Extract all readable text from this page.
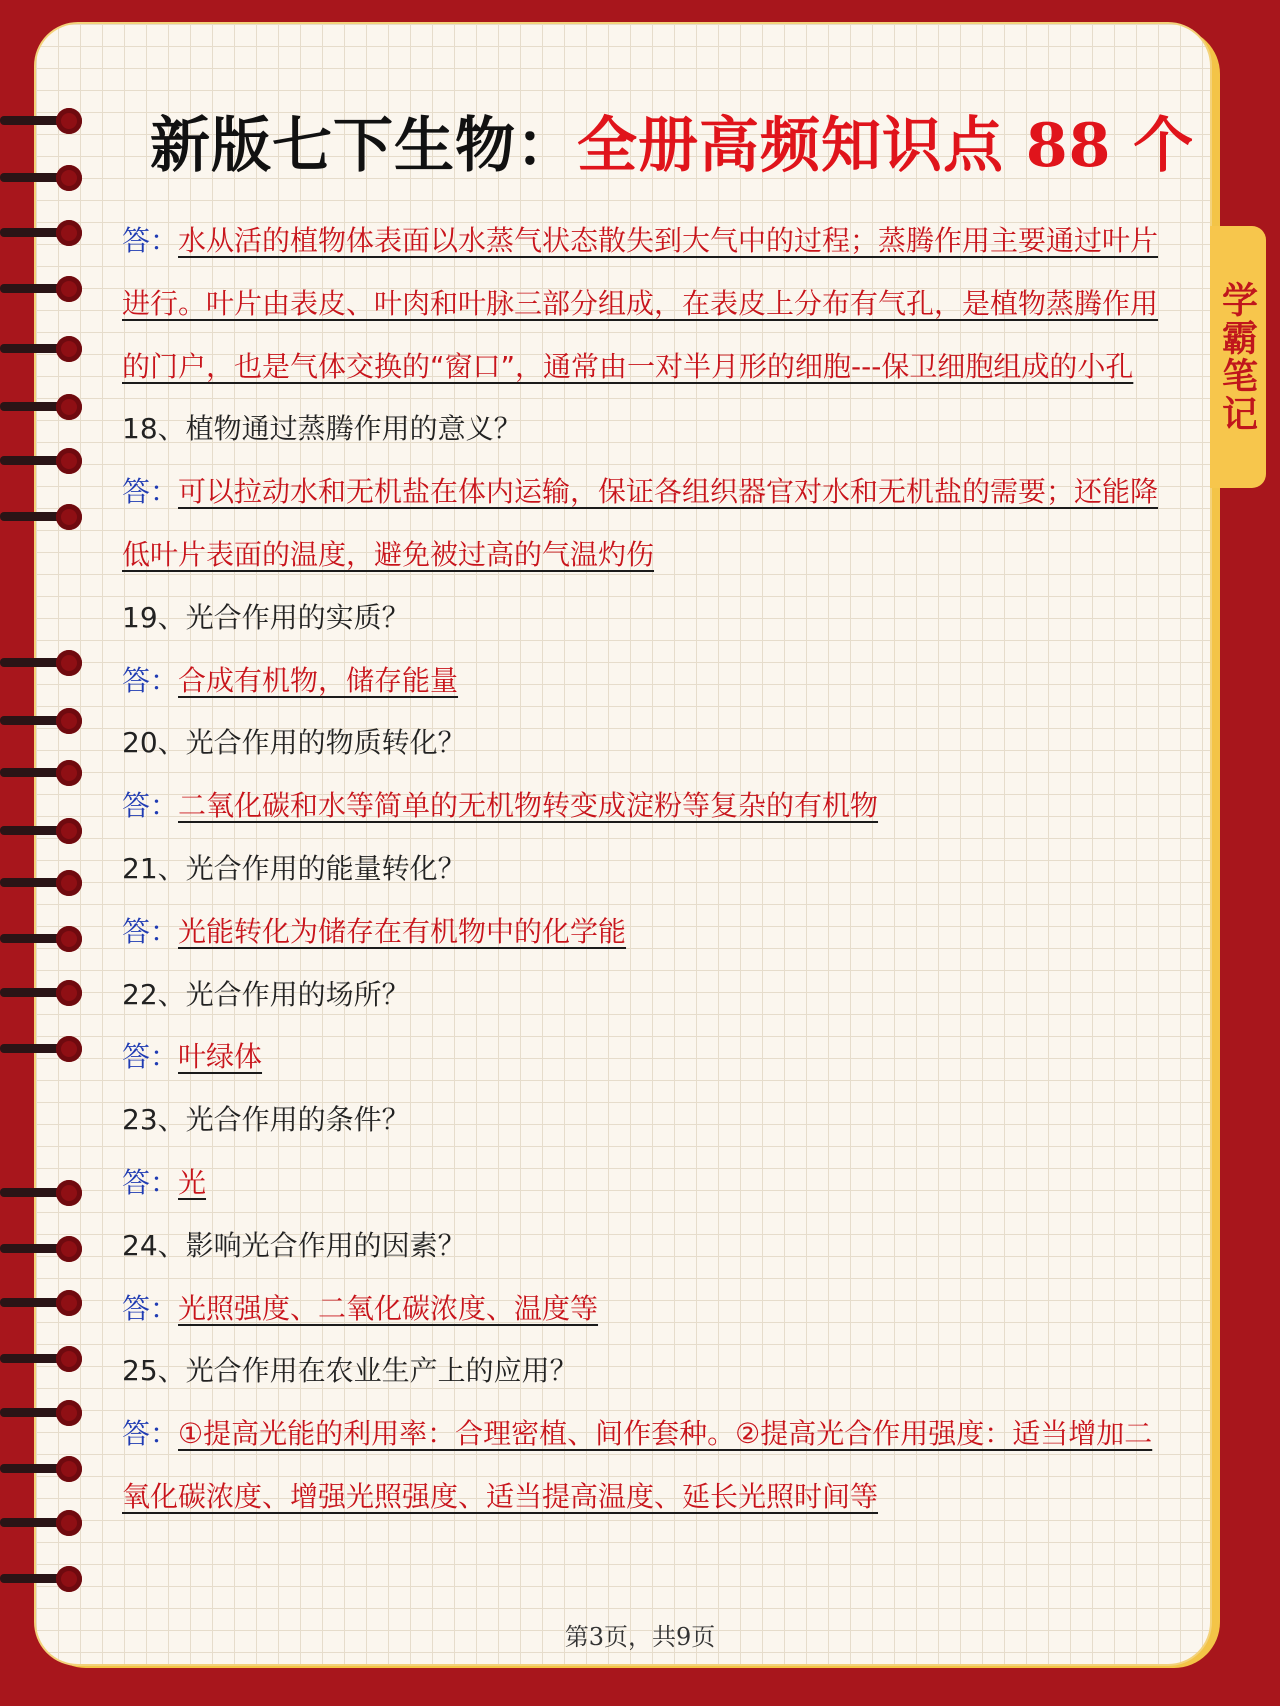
学霸笔记
新版七下生物：全册高频知识点 88 个
答：水从活的植物体表面以水蒸气状态散失到大气中的过程；蒸腾作用主要通过叶片进行。叶片由表皮、叶肉和叶脉三部分组成，在表皮上分布有气孔，是植物蒸腾作用的门户，也是气体交换的“窗口”，通常由一对半月形的细胞---保卫细胞组成的小孔
18、植物通过蒸腾作用的意义？
答：可以拉动水和无机盐在体内运输，保证各组织器官对水和无机盐的需要；还能降低叶片表面的温度，避免被过高的气温灼伤
19、光合作用的实质？
答：合成有机物，储存能量
20、光合作用的物质转化？
答：二氧化碳和水等简单的无机物转变成淀粉等复杂的有机物
21、光合作用的能量转化？
答：光能转化为储存在有机物中的化学能
22、光合作用的场所？
答：叶绿体
23、光合作用的条件？
答：光
24、影响光合作用的因素？
答：光照强度、二氧化碳浓度、温度等
25、光合作用在农业生产上的应用？
答：①提高光能的利用率：合理密植、间作套种。②提高光合作用强度：适当增加二氧化碳浓度、增强光照强度、适当提高温度、延长光照时间等
第3页，共9页
